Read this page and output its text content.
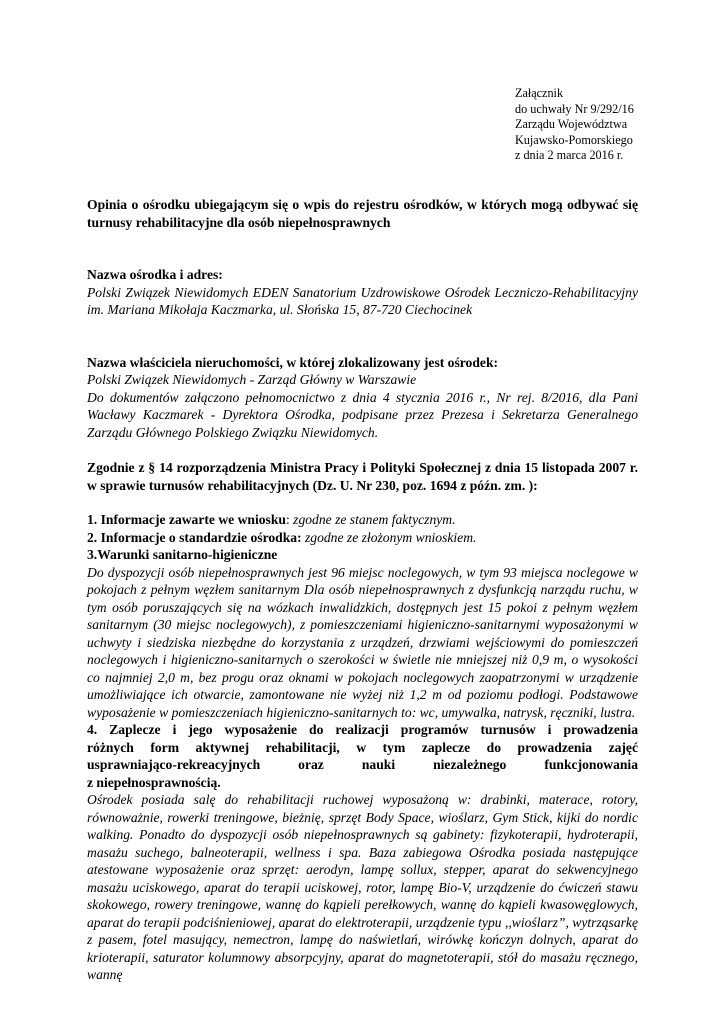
Załącznik
do uchwały Nr 9/292/16
Zarządu Województwa
Kujawsko-Pomorskiego
z dnia 2 marca 2016 r.

Opinia o ośrodku ubiegającym się o wpis do rejestru ośrodków, w których mogą odbywać się turnusy rehabilitacyjne dla osób niepełnosprawnych

Nazwa ośrodka i adres:

Polski Związek Niewidomych EDEN Sanatorium Uzdrowiskowe Ośrodek Leczniczo-Rehabilitacyjny im. Mariana Mikołaja Kaczmarka, ul. Słońska 15, 87-720 Ciechocinek

Nazwa właściciela nieruchomości, w której zlokalizowany jest ośrodek:

Polski Związek Niewidomych - Zarząd Główny w Warszawie

Do dokumentów załączono pełnomocnictwo z dnia 4 stycznia 2016 r., Nr rej. 8/2016, dla Pani Wacławy Kaczmarek - Dyrektora Ośrodka, podpisane przez Prezesa i Sekretarza Generalnego Zarządu Głównego Polskiego Związku Niewidomych.

Zgodnie z § 14 rozporządzenia Ministra Pracy i Polityki Społecznej z dnia 15 listopada 2007 r. w sprawie turnusów rehabilitacyjnych (Dz. U. Nr 230, poz. 1694 z późn. zm. ):

1. Informacje zawarte we wniosku: zgodne ze stanem faktycznym.
2. Informacje o standardzie ośrodka: zgodne ze złożonym wnioskiem.
3.Warunki sanitarno-higieniczne

Do dyspozycji osób niepełnosprawnych jest 96 miejsc noclegowych, w tym 93 miejsca noclegowe w pokojach z pełnym węzłem sanitarnym Dla osób niepełnosprawnych z dysfunkcją narządu ruchu, w tym osób poruszających się na wózkach inwalidzkich, dostępnych jest 15 pokoi z pełnym węzłem sanitarnym (30 miejsc noclegowych), z pomieszczeniami higieniczno-sanitarnymi wyposażonymi w uchwyty i siedziska niezbędne do korzystania z urządzeń, drzwiami wejściowymi do pomieszczeń noclegowych i higieniczno-sanitarnych o szerokości w świetle nie mniejszej niż 0,9 m, o wysokości co najmniej 2,0 m, bez progu oraz oknami w pokojach noclegowych zaopatrzonymi w urządzenie umożliwiające ich otwarcie, zamontowane nie wyżej niż 1,2 m od poziomu podłogi. Podstawowe wyposażenie w pomieszczeniach higieniczno-sanitarnych to: wc, umywalka, natrysk, ręczniki, lustra.

4. Zaplecze i jego wyposażenie do realizacji programów turnusów i prowadzenia
różnych form aktywnej rehabilitacji, w tym zaplecze do prowadzenia zajęć
usprawniająco-rekreacyjnych oraz nauki niezależnego funkcjonowania
z niepełnosprawnością.

Ośrodek posiada salę do rehabilitacji ruchowej wyposażoną w: drabinki, materace, rotory, równoważnie, rowerki treningowe, bieżnię, sprzęt Body Space, wioślarz, Gym Stick, kijki do nordic walking. Ponadto do dyspozycji osób niepełnosprawnych są gabinety: fizykoterapii, hydroterapii, masażu suchego, balneoterapii, wellness i spa. Baza zabiegowa Ośrodka posiada następujące atestowane wyposażenie oraz sprzęt: aerodyn, lampę sollux, stepper, aparat do sekwencyjnego masażu uciskowego, aparat do terapii uciskowej, rotor, lampę Bio-V, urządzenie do ćwiczeń stawu skokowego, rowery treningowe, wannę do kąpieli perełkowych, wannę do kąpieli kwasowęglowych, aparat do terapii podciśnieniowej, aparat do elektroterapii, urządzenie typu ,,wioślarz”, wytrząsarkę z pasem, fotel masujący, nemectron, lampę do naświetlań, wirówkę kończyn dolnych, aparat do krioterapii, saturator kolumnowy absorpcyjny, aparat do magnetoterapii, stół do masażu ręcznego, wannę
